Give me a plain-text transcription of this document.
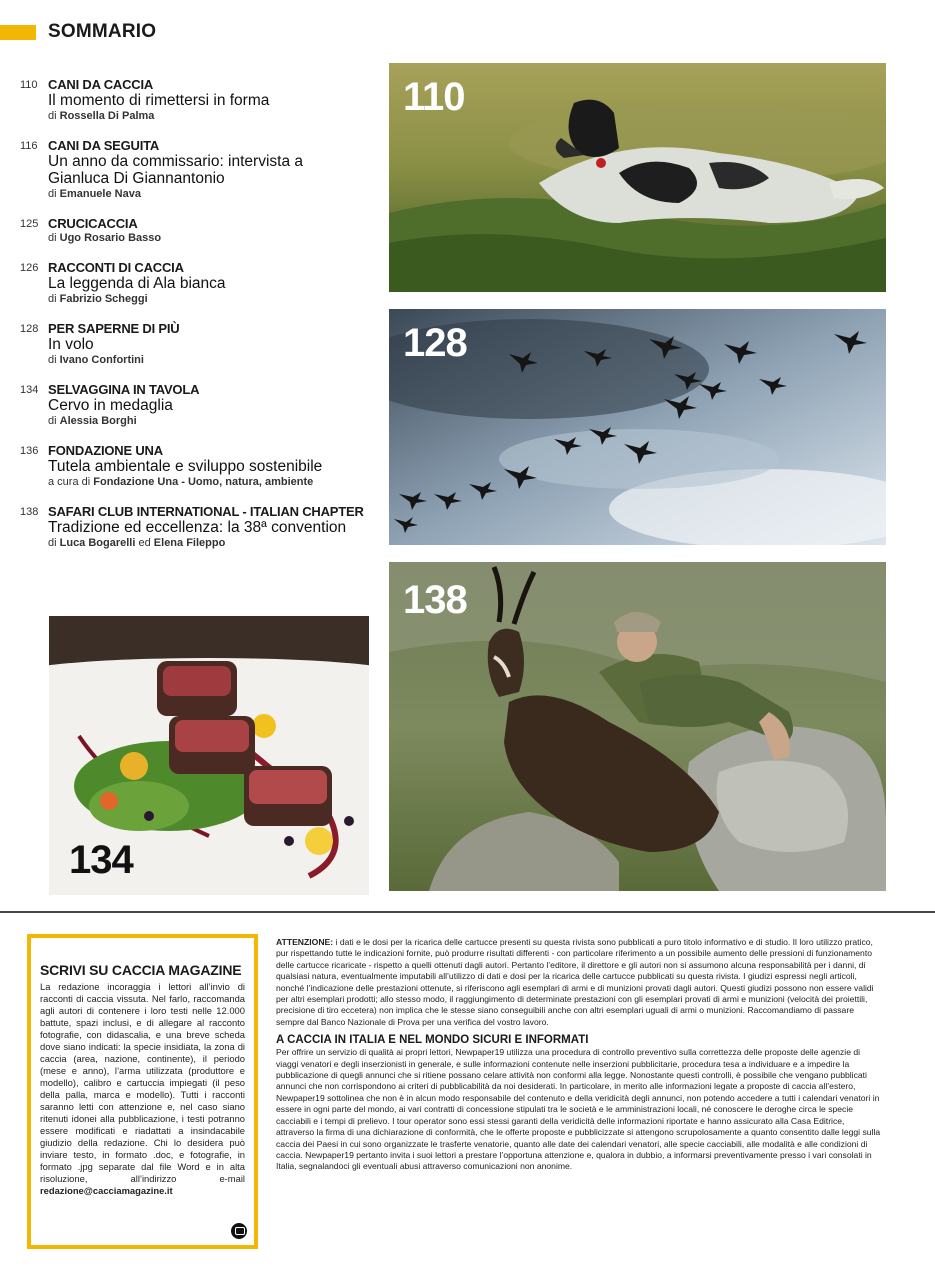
SOMMARIO
110 CANI DA CACCIA
Il momento di rimettersi in forma
di Rossella Di Palma
116 CANI DA SEGUITA
Un anno da commissario: intervista a Gianluca Di Giannantonio
di Emanuele Nava
125 CRUCICACCIA
di Ugo Rosario Basso
126 RACCONTI DI CACCIA
La leggenda di Ala bianca
di Fabrizio Scheggi
128 PER SAPERNE DI PIÙ
In volo
di Ivano Confortini
134 SELVAGGINA IN TAVOLA
Cervo in medaglia
di Alessia Borghi
136 FONDAZIONE UNA
Tutela ambientale e sviluppo sostenibile
a cura di Fondazione Una - Uomo, natura, ambiente
138 SAFARI CLUB INTERNATIONAL - ITALIAN CHAPTER
Tradizione ed eccellenza: la 38ª convention
di Luca Bogarelli ed Elena Fileppo
110
128
138
134
SCRIVI SU CACCIA MAGAZINE
La redazione incoraggia i lettori all’invio di racconti di caccia vissuta. Nel farlo, raccomanda agli autori di contenere i loro testi nelle 12.000 battute, spazi inclusi, e di allegare al racconto fotografie, con didascalia, e una breve scheda dove siano indicati: la specie insidiata, la zona di caccia (area, nazione, continente), il periodo (mese e anno), l’arma utilizzata (produttore e modello), calibro e cartuccia impiegati (il peso della palla, marca e modello). Tutti i racconti saranno letti con attenzione e, nel caso siano ritenuti idonei alla pubblicazione, i testi potranno essere modificati e riadattati a insindacabile giudizio della redazione. Chi lo desidera può inviare testo, in formato .doc, e fotografie, in formato .jpg separate dal file Word e in alta risoluzione, all’indirizzo e-mail redazione@cacciamagazine.it

ATTENZIONE: i dati e le dosi per la ricarica delle cartucce presenti su questa rivista sono pubblicati a puro titolo informativo e di studio. Il loro utilizzo pratico, pur rispettando tutte le indicazioni fornite, può produrre risultati differenti - con particolare riferimento a un possibile aumento delle pressioni di funzionamento delle cartucce ricaricate - rispetto a quelli ottenuti dagli autori. Pertanto l’editore, il direttore e gli autori non si assumono alcuna responsabilità per i danni, di qualsiasi natura, eventualmente imputabili all’utilizzo di dati e dosi per la ricarica delle cartucce pubblicati su questa rivista. I giudizi espressi negli articoli, nonché l’indicazione delle prestazioni ottenute, si riferiscono agli esemplari di armi e di munizioni provati dagli autori. Questi giudizi possono non essere validi per altri esemplari prodotti; allo stesso modo, il raggiungimento di determinate prestazioni con gli esemplari provati di armi e munizioni (velocità dei proiettili, precisione di tiro eccetera) non implica che le stesse siano conseguibili anche con altri esemplari uguali di armi o munizioni. Raccomandiamo di passare sempre dal Banco Nazionale di Prova per una verifica del vostro lavoro.

A CACCIA IN ITALIA E NEL MONDO SICURI E INFORMATI

Per offrire un servizio di qualità ai propri lettori, Newpaper19 utilizza una procedura di controllo preventivo sulla correttezza delle proposte delle agenzie di viaggi venatori e degli inserzionisti in generale, e sulle informazioni contenute nelle inserzioni pubblicitarie, procedura tesa a individuare e a impedire la pubblicazione di quegli annunci che si ritiene possano celare attività non conformi alla legge. Nonostante questi controlli, è possibile che vengano pubblicati annunci che non corrispondono ai criteri di pubblicabilità da noi desiderati. In particolare, in merito alle informazioni legate a proposte di caccia all’estero, Newpaper19 sottolinea che non è in alcun modo responsabile del contenuto e della veridicità degli annunci, non potendo accedere a tutti i calendari venatori in essere in ogni parte del mondo, ai vari contratti di concessione stipulati tra le società e le amministrazioni locali, né conoscere le deroghe circa le specie cacciabili e i tempi di prelievo. I tour operator sono essi stessi garanti della veridicità delle informazioni riportate e hanno assicurato alla Casa Editrice, attraverso la firma di una dichiarazione di conformità, che le offerte proposte e pubblicizzate si attengono scrupolosamente a quanto consentito dalle leggi sulla caccia dei Paesi in cui sono organizzate le trasferte venatorie, quanto alle date dei calendari venatori, alle specie cacciabili, alle modalità e alle condizioni di caccia. Newpaper19 pertanto invita i suoi lettori a prestare l’opportuna attenzione e, qualora in dubbio, a informarsi preventivamente presso i vari consolati in Italia, segnalandoci gli eventuali abusi attraverso comunicazioni non anonime.
